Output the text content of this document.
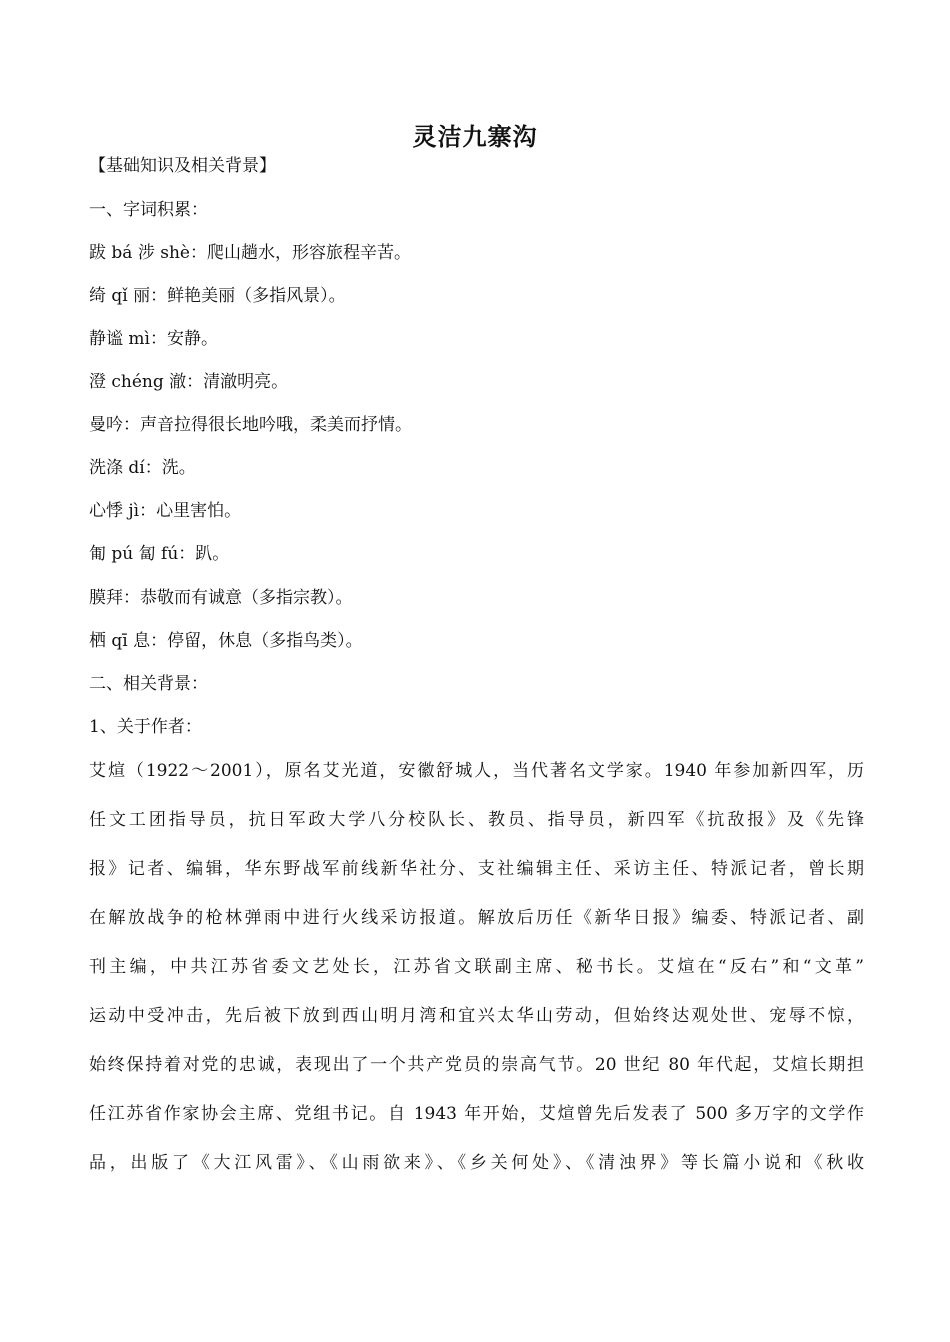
灵洁九寨沟
【基础知识及相关背景】
一、字词积累：
跋 bá 涉 shè：爬山趟水，形容旅程辛苦。
绮 qǐ 丽：鲜艳美丽（多指风景）。
静谧 mì：安静。
澄 chéng 澈：清澈明亮。
曼吟：声音拉得很长地吟哦，柔美而抒情。
洗涤 dí：洗。
心悸 jì：心里害怕。
匍 pú 匐 fú：趴。
膜拜：恭敬而有诚意（多指宗教）。
栖 qī 息：停留，休息（多指鸟类）。
二、相关背景：
1、关于作者：
艾煊（1922～2001），原名艾光道，安徽舒城人，当代著名文学家。1940 年参加新四军，历
任文工团指导员，抗日军政大学八分校队长、教员、指导员，新四军《抗敌报》及《先锋
报》记者、编辑，华东野战军前线新华社分、支社编辑主任、采访主任、特派记者，曾长期
在解放战争的枪林弹雨中进行火线采访报道。解放后历任《新华日报》编委、特派记者、副
刊主编，中共江苏省委文艺处长，江苏省文联副主席、秘书长。艾煊在“反右”和“文革”
运动中受冲击，先后被下放到西山明月湾和宜兴太华山劳动，但始终达观处世、宠辱不惊，
始终保持着对党的忠诚，表现出了一个共产党员的崇高气节。20 世纪 80 年代起，艾煊长期担
任江苏省作家协会主席、党组书记。自 1943 年开始，艾煊曾先后发表了 500 多万字的文学作
品，出版了《大江风雷》、《山雨欲来》、《乡关何处》、《清浊界》等长篇小说和《秋收
